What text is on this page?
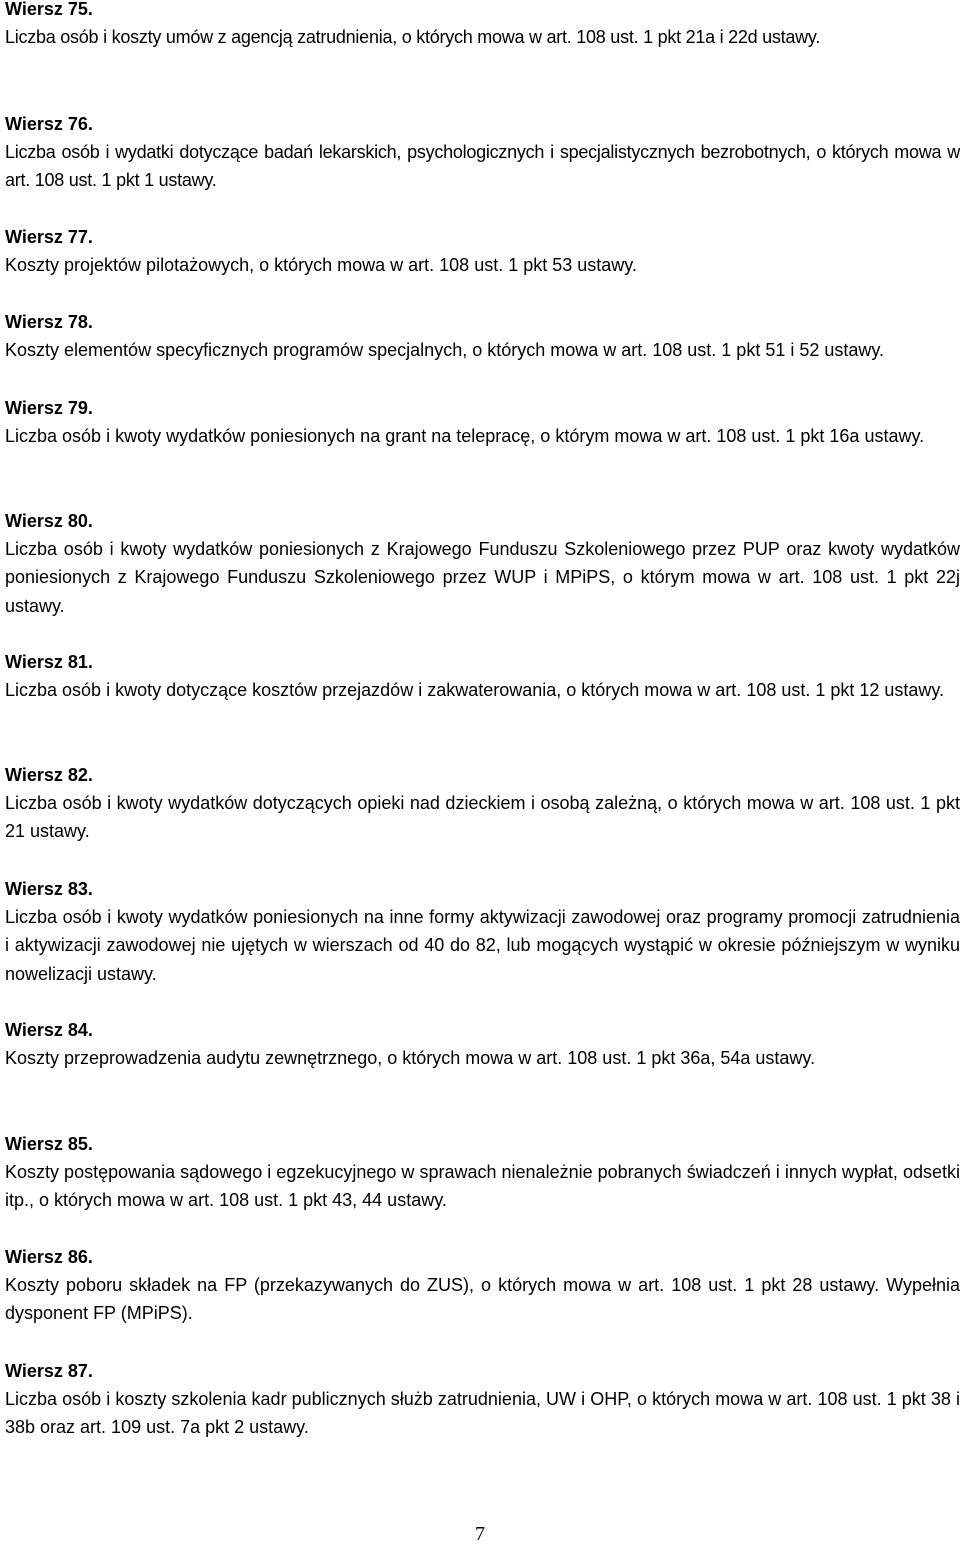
Wiersz 75.
Liczba osób i koszty umów z agencją zatrudnienia, o których mowa w art. 108 ust. 1 pkt 21a i 22d ustawy.
Wiersz 76.
Liczba osób i wydatki dotyczące badań lekarskich, psychologicznych i specjalistycznych bezrobotnych, o których mowa w art. 108 ust. 1 pkt 1 ustawy.
Wiersz 77.
Koszty projektów pilotażowych, o których mowa w art. 108 ust. 1 pkt 53 ustawy.
Wiersz 78.
Koszty elementów specyficznych programów specjalnych, o których mowa w art. 108 ust. 1 pkt 51 i 52 ustawy.
Wiersz 79.
Liczba osób i kwoty wydatków poniesionych na grant na telepracę, o którym mowa w art. 108 ust. 1 pkt 16a ustawy.
Wiersz 80.
Liczba osób i kwoty wydatków poniesionych z Krajowego Funduszu Szkoleniowego przez PUP oraz kwoty wydatków poniesionych z Krajowego Funduszu Szkoleniowego przez WUP i MPiPS, o którym mowa w art. 108 ust. 1 pkt 22j ustawy.
Wiersz 81.
Liczba osób i kwoty dotyczące kosztów przejazdów i zakwaterowania, o których mowa w art. 108 ust. 1 pkt 12 ustawy.
Wiersz 82.
Liczba osób i kwoty wydatków dotyczących opieki nad dzieckiem i osobą zależną, o których mowa w art. 108 ust. 1 pkt 21 ustawy.
Wiersz 83.
Liczba osób i kwoty wydatków poniesionych na inne formy aktywizacji zawodowej oraz programy promocji zatrudnienia i aktywizacji zawodowej nie ujętych w wierszach od 40 do 82, lub mogących wystąpić w okresie późniejszym w wyniku nowelizacji ustawy.
Wiersz 84.
Koszty przeprowadzenia audytu zewnętrznego, o których mowa w art. 108 ust. 1 pkt 36a, 54a ustawy.
Wiersz 85.
Koszty postępowania sądowego i egzekucyjnego w sprawach nienależnie pobranych świadczeń i innych wypłat, odsetki itp., o których mowa w art. 108 ust. 1 pkt 43, 44 ustawy.
Wiersz 86.
Koszty poboru składek na FP (przekazywanych do ZUS), o których mowa w art. 108 ust. 1 pkt 28 ustawy. Wypełnia dysponent FP (MPiPS).
Wiersz 87.
Liczba osób i koszty szkolenia kadr publicznych służb zatrudnienia, UW i OHP, o których mowa w art. 108 ust. 1 pkt 38 i 38b oraz art. 109 ust. 7a pkt 2 ustawy.
7
